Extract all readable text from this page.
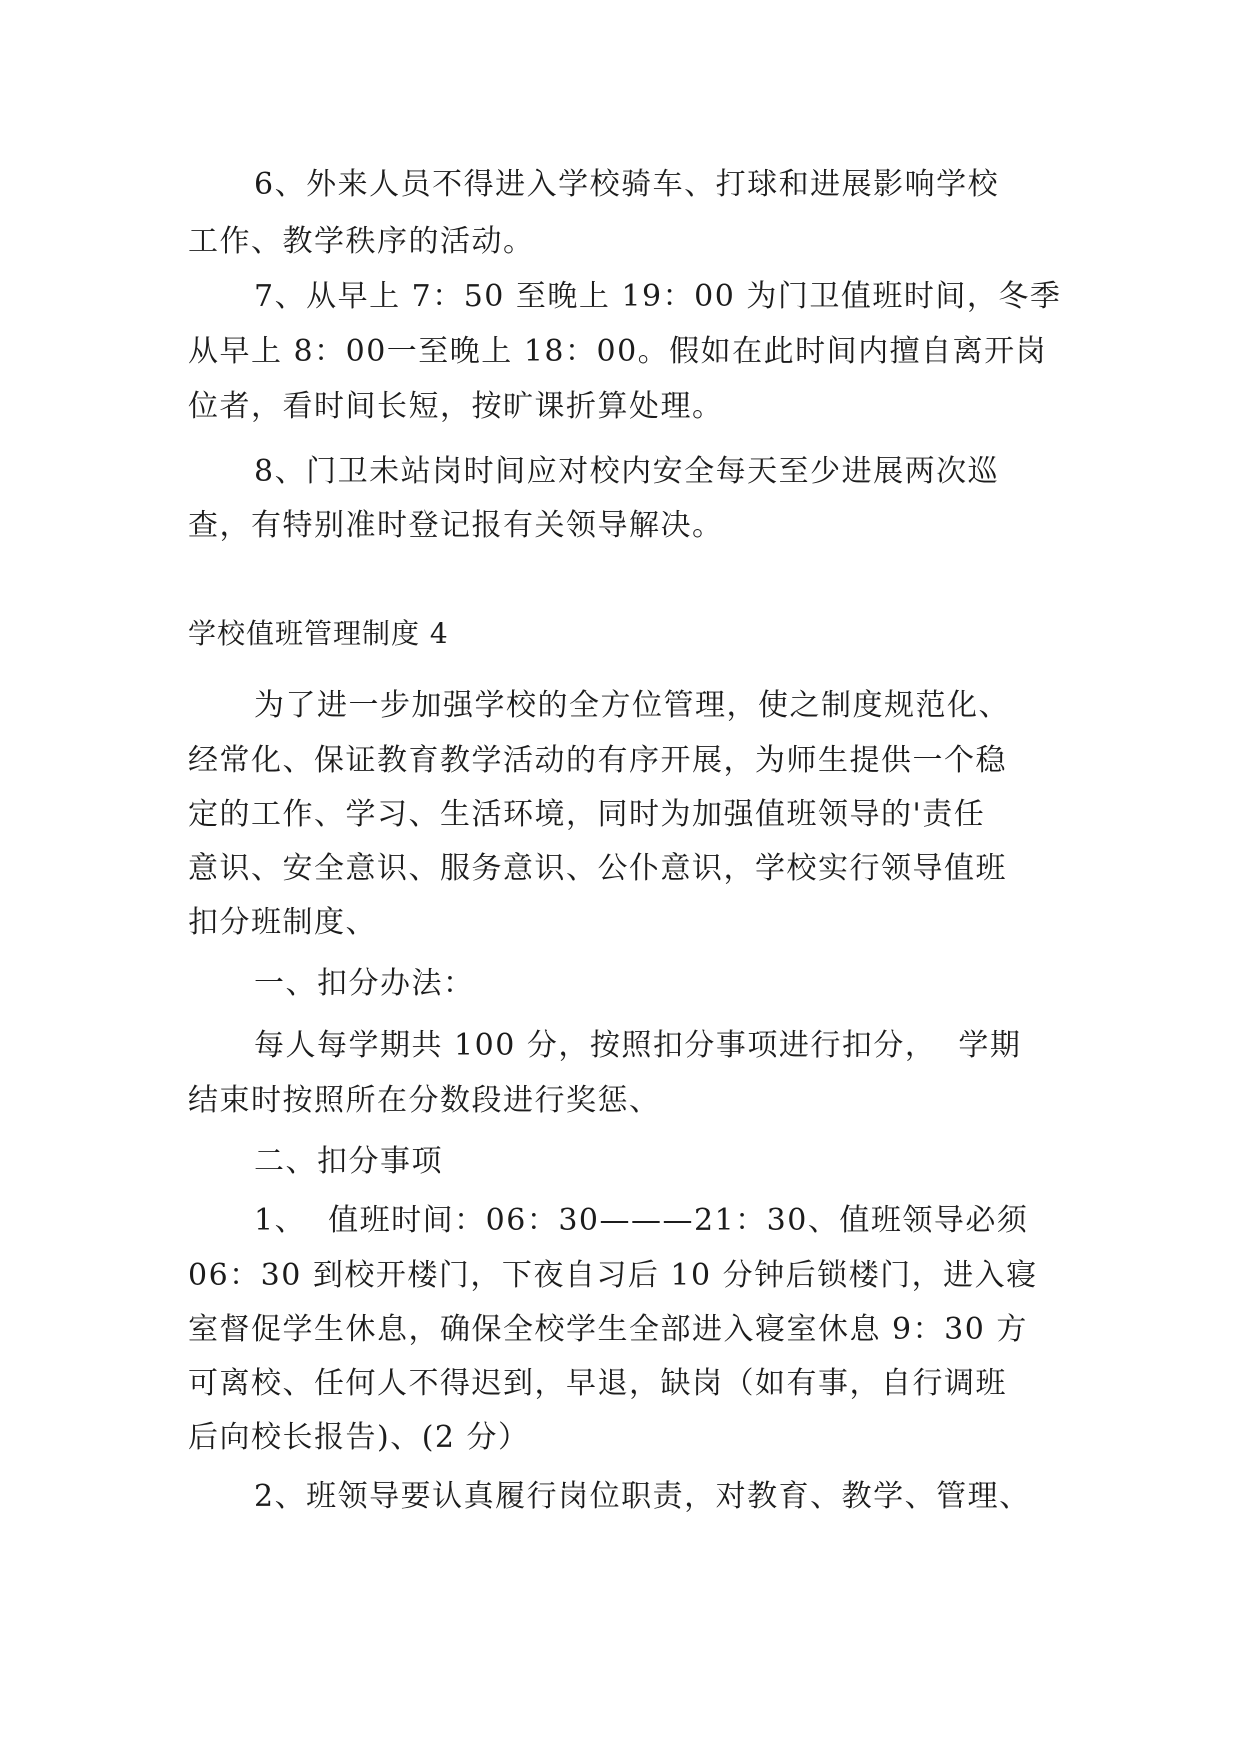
6、外来人员不得进入学校骑车、打球和进展影响学校
工作、教学秩序的活动。
7、从早上 7：50 至晚上 19：00 为门卫值班时间，冬季
从早上 8：00一至晚上 18：00。假如在此时间内擅自离开岗
位者，看时间长短，按旷课折算处理。
8、门卫未站岗时间应对校内安全每天至少进展两次巡
查，有特别准时登记报有关领导解决。
学校值班管理制度 4
为了进一步加强学校的全方位管理，使之制度规范化、
经常化、保证教育教学活动的有序开展，为师生提供一个稳
定的工作、学习、生活环境，同时为加强值班领导的'责任
意识、安全意识、服务意识、公仆意识，学校实行领导值班
扣分班制度、
一、扣分办法：
每人每学期共 100 分，按照扣分事项进行扣分，  学期
结束时按照所在分数段进行奖惩、
二、扣分事项
1、  值班时间：06：30———21：30、值班领导必须
06：30 到校开楼门，下夜自习后 10 分钟后锁楼门，进入寝
室督促学生休息，确保全校学生全部进入寝室休息 9：30 方
可离校、任何人不得迟到，早退，缺岗（如有事，自行调班
后向校长报告)、(2 分）
2、班领导要认真履行岗位职责，对教育、教学、管理、
